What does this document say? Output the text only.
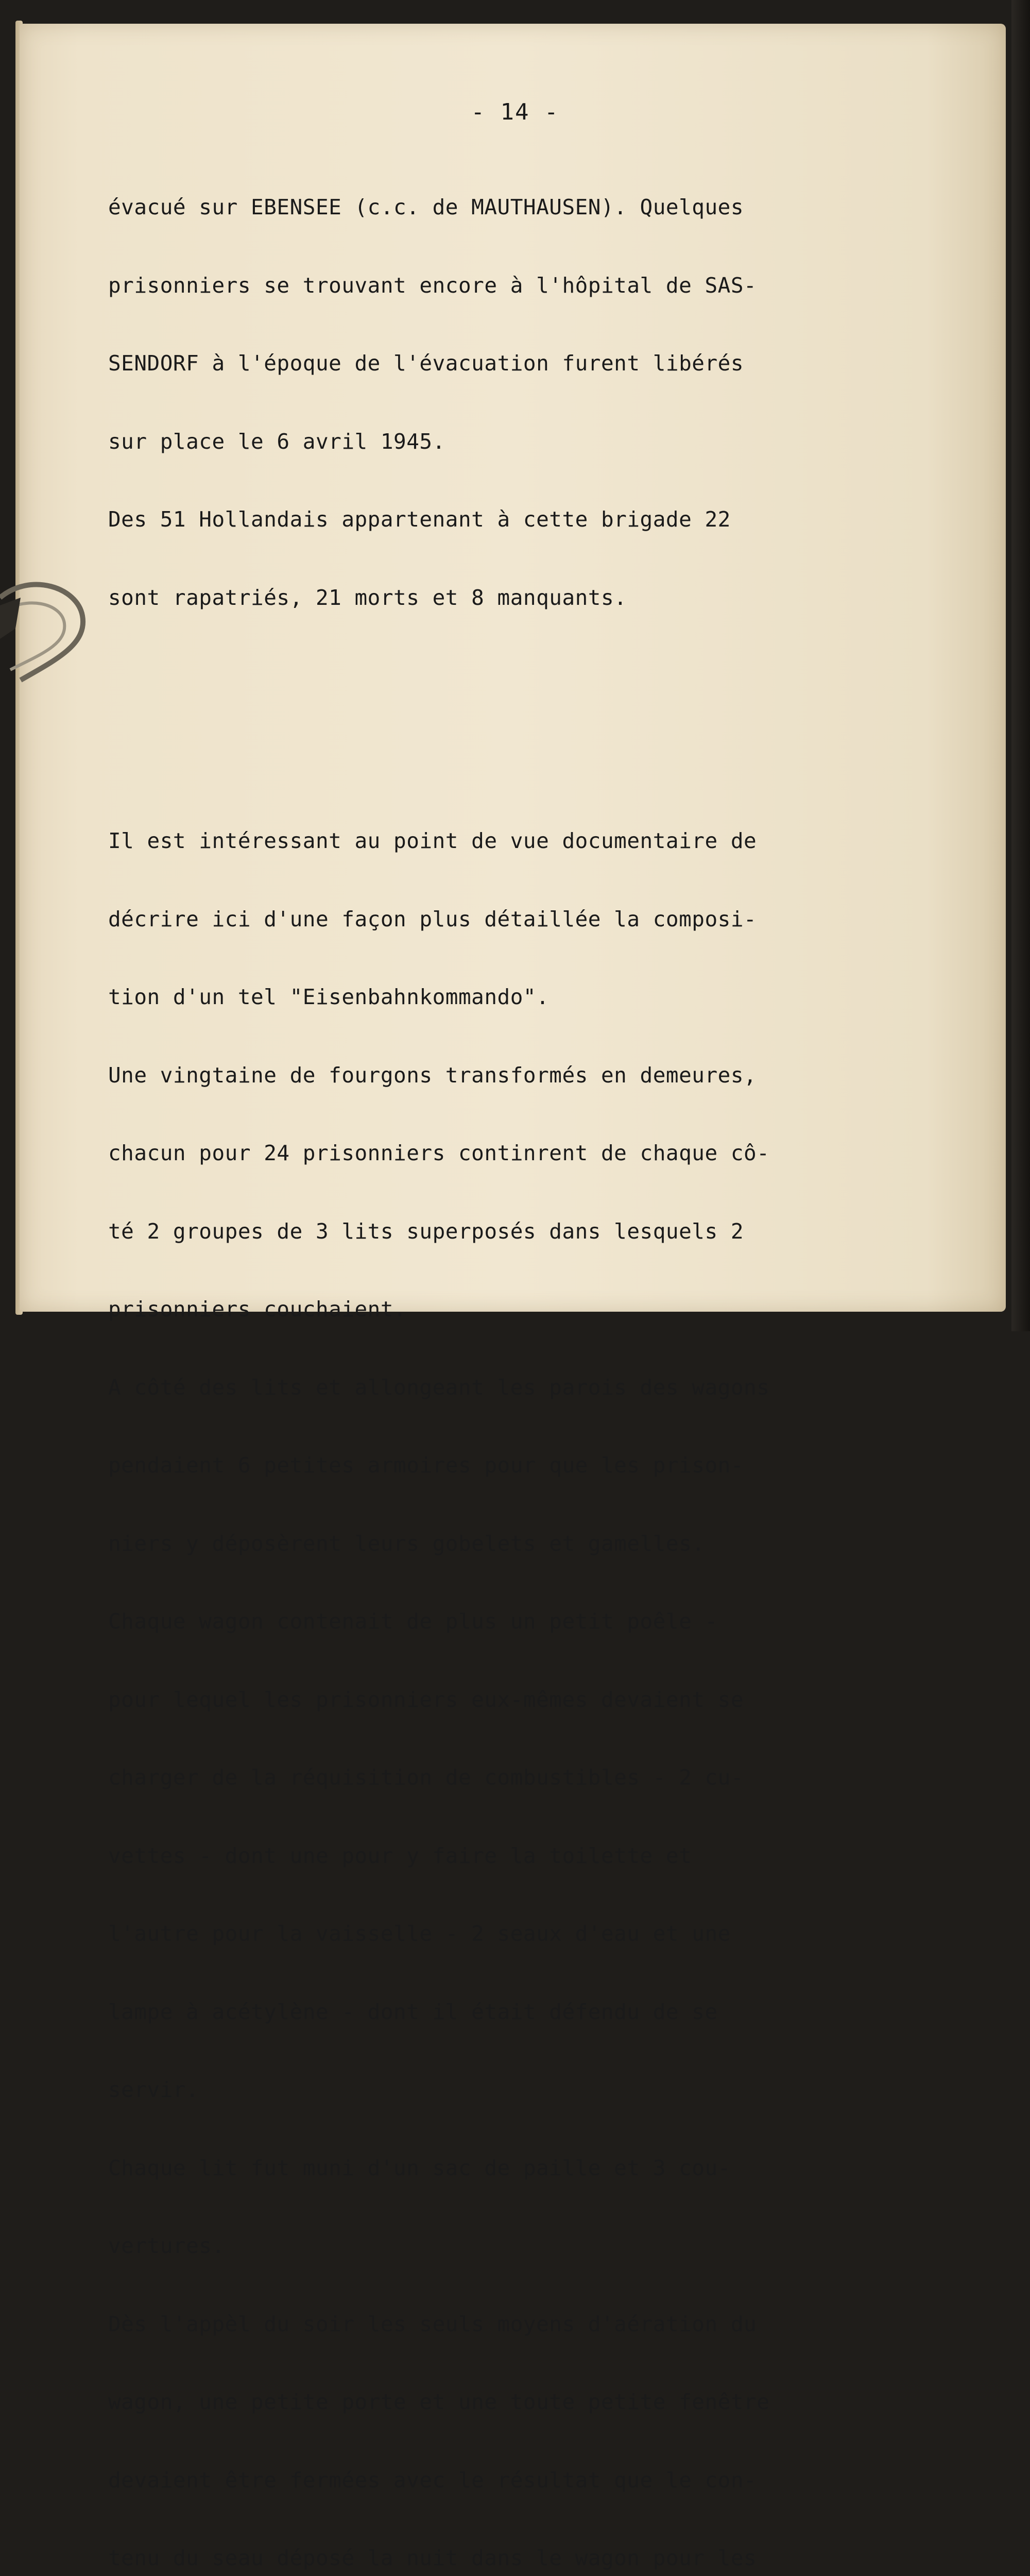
- 14 -

évacué sur EBENSEE (c.c. de MAUTHAUSEN). Quelques

prisonniers se trouvant encore à l'hôpital de SAS-

SENDORF à l'époque de l'évacuation furent libérés

sur place le 6 avril 1945.

Des 51 Hollandais appartenant à cette brigade 22

sont rapatriés, 21 morts et 8 manquants.

Il est intéressant au point de vue documentaire de

décrire ici d'une façon plus détaillée la composi-

tion d'un tel "Eisenbahnkommando".

Une vingtaine de fourgons transformés en demeures,

chacun pour 24 prisonniers continrent de chaque cô-

té 2 groupes de 3 lits superposés dans lesquels 2

prisonniers couchaient.

A côté des lits et allongeant les parois des wagons

pendaient 6 petites armoires pour que les prison-

niers y déposèrent leurs gobelets et gamelles.

Chaque wagon contenait de plus un petit poêle -

pour lequel les prisonniers eux-mêmes devaient se

charger de la réquisition de combustibles - 2 cu-

vettes - dont une pour y faire la toilette et

l'autre pour la vaisselle - 2 seaux d'eau et une

lampe à acétylène - dont il était défendu de se

servir.

Chaque lit fut muni d'un sac de paille et 3 cou-

vertures.

Dès l'appèl du soir les seuls moyens d'aération du

wagon, une petite porte et une toute petite fenêtre

devaient être fermées avec le résultat que le con-

tenu du seau déposé la nuit dans le wagon pour les
